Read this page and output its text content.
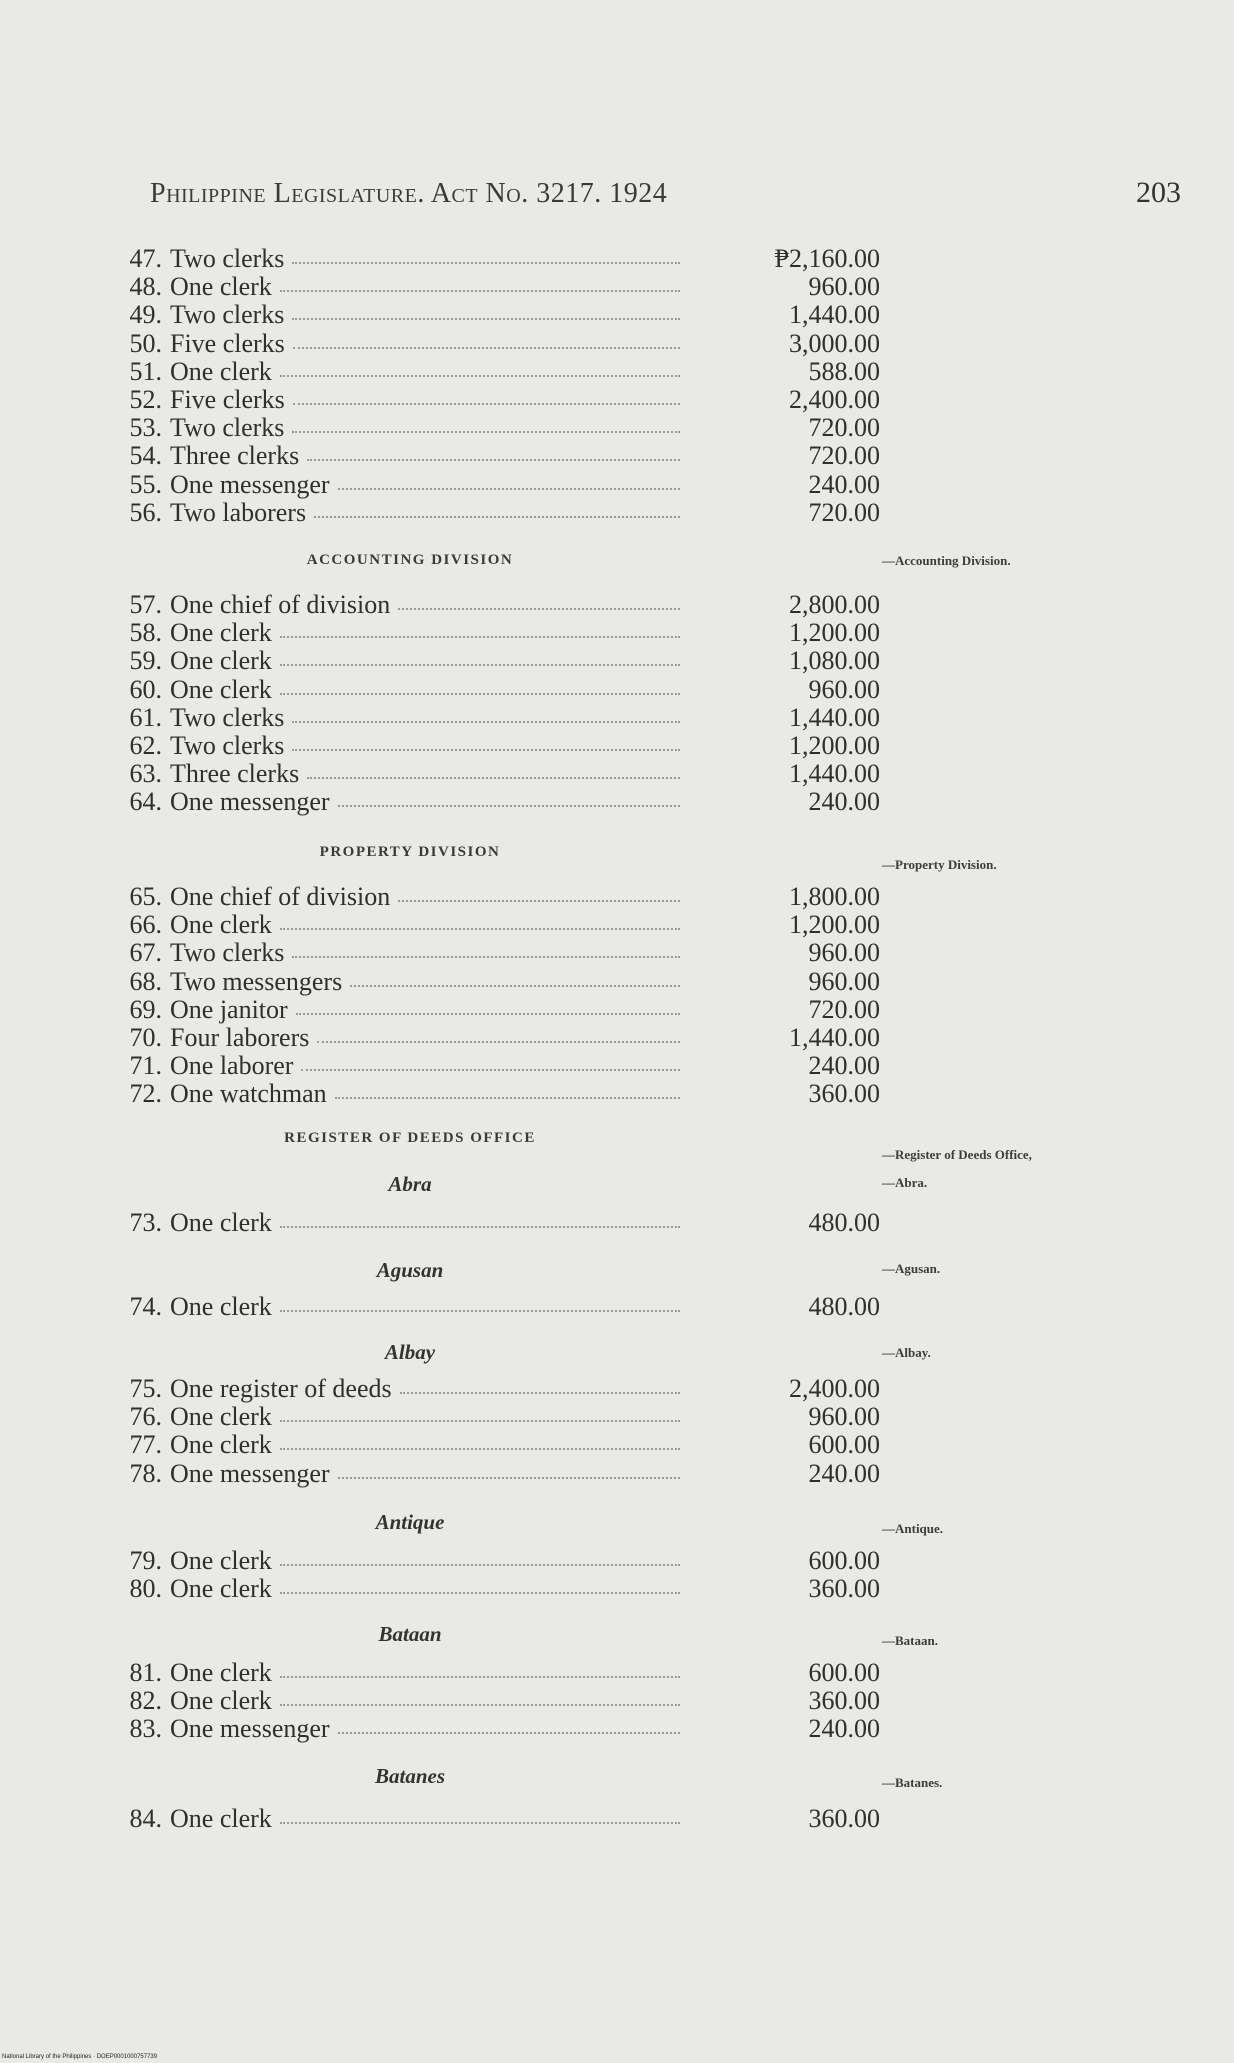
Philippine Legislature. Act No. 3217. 1924	203
47. Two clerks	₱2,160.00
48. One clerk	960.00
49. Two clerks	1,440.00
50. Five clerks	3,000.00
51. One clerk	588.00
52. Five clerks	2,400.00
53. Two clerks	720.00
54. Three clerks	720.00
55. One messenger	240.00
56. Two laborers	720.00
ACCOUNTING DIVISION	—Accounting Division.
57. One chief of division	2,800.00
58. One clerk	1,200.00
59. One clerk	1,080.00
60. One clerk	960.00
61. Two clerks	1,440.00
62. Two clerks	1,200.00
63. Three clerks	1,440.00
64. One messenger	240.00
PROPERTY DIVISION
—Property Division.
65. One chief of division	1,800.00
66. One clerk	1,200.00
67. Two clerks	960.00
68. Two messengers	960.00
69. One janitor	720.00
70. Four laborers	1,440.00
71. One laborer	240.00
72. One watchman	360.00
REGISTER OF DEEDS OFFICE
—Register of Deeds Office,
Abra	—Abra.
73. One clerk	480.00
Agusan	—Agusan.
74. One clerk	480.00
Albay	—Albay.
75. One register of deeds	2,400.00
76. One clerk	960.00
77. One clerk	600.00
78. One messenger	240.00
Antique	—Antique.
79. One clerk	600.00
80. One clerk	360.00
Bataan	—Bataan.
81. One clerk	600.00
82. One clerk	360.00
83. One messenger	240.00
Batanes	—Batanes.
84. One clerk	360.00
National Library of the Philippines · DOEP0001000757739
